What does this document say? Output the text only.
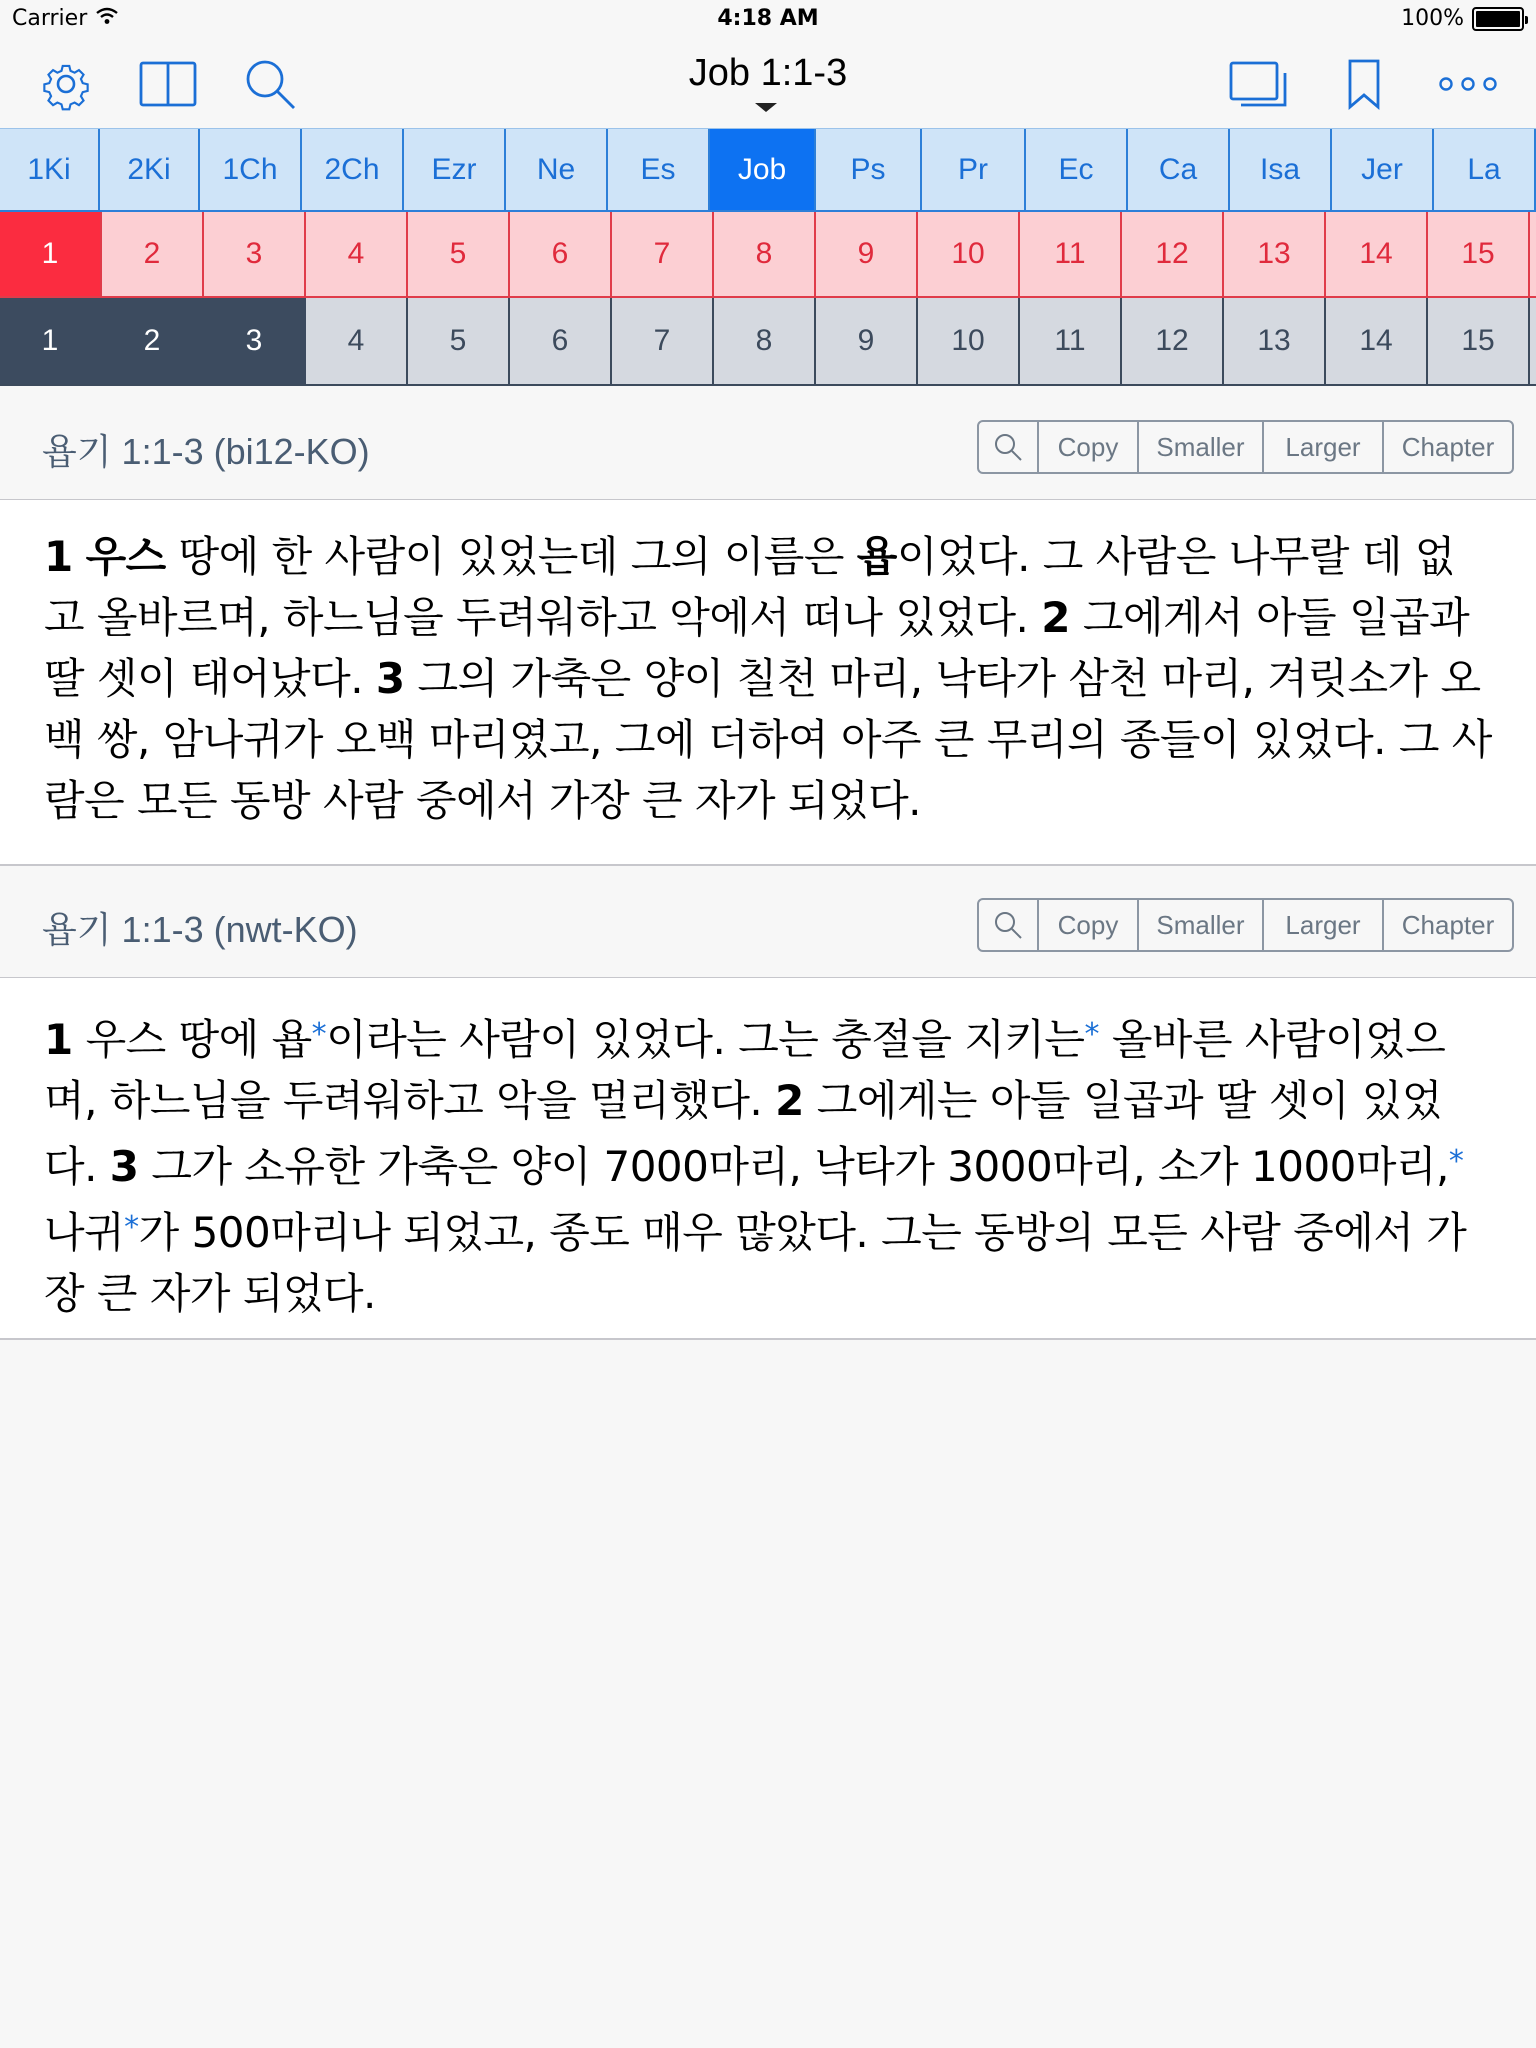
Carrier	4:18 AM	100%
Job 1:1-3
1Ki	2Ki	1Ch	2Ch	Ezr	Ne	Es	Job	Ps	Pr	Ec	Ca	Isa	Jer	La
1	2	3	4	5	6	7	8	9	10	11	12	13	14	15
1	2	3	4	5	6	7	8	9	10	11	12	13	14	15
욥기 1:1-3 (bi12-KO)	Copy	Smaller	Larger	Chapter

1 우스 땅에 한 사람이 있었는데 그의 이름은 욥이었다. 그 사람은 나무랄 데 없고 올바르며, 하느님을 두려워하고 악에서 떠나 있었다. 2 그에게서 아들 일곱과 딸 셋이 태어났다. 3 그의 가축은 양이 칠천 마리, 낙타가 삼천 마리, 겨릿소가 오백 쌍, 암나귀가 오백 마리였고, 그에 더하여 아주 큰 무리의 종들이 있었다. 그 사람은 모든 동방 사람 중에서 가장 큰 자가 되었다.

욥기 1:1-3 (nwt-KO)	Copy	Smaller	Larger	Chapter

1 우스 땅에 욥*이라는 사람이 있었다. 그는 충절을 지키는* 올바른 사람이었으며, 하느님을 두려워하고 악을 멀리했다. 2 그에게는 아들 일곱과 딸 셋이 있었다. 3 그가 소유한 가축은 양이 7000마리, 낙타가 3000마리, 소가 1000마리,* 나귀*가 500마리나 되었고, 종도 매우 많았다. 그는 동방의 모든 사람 중에서 가장 큰 자가 되었다.
